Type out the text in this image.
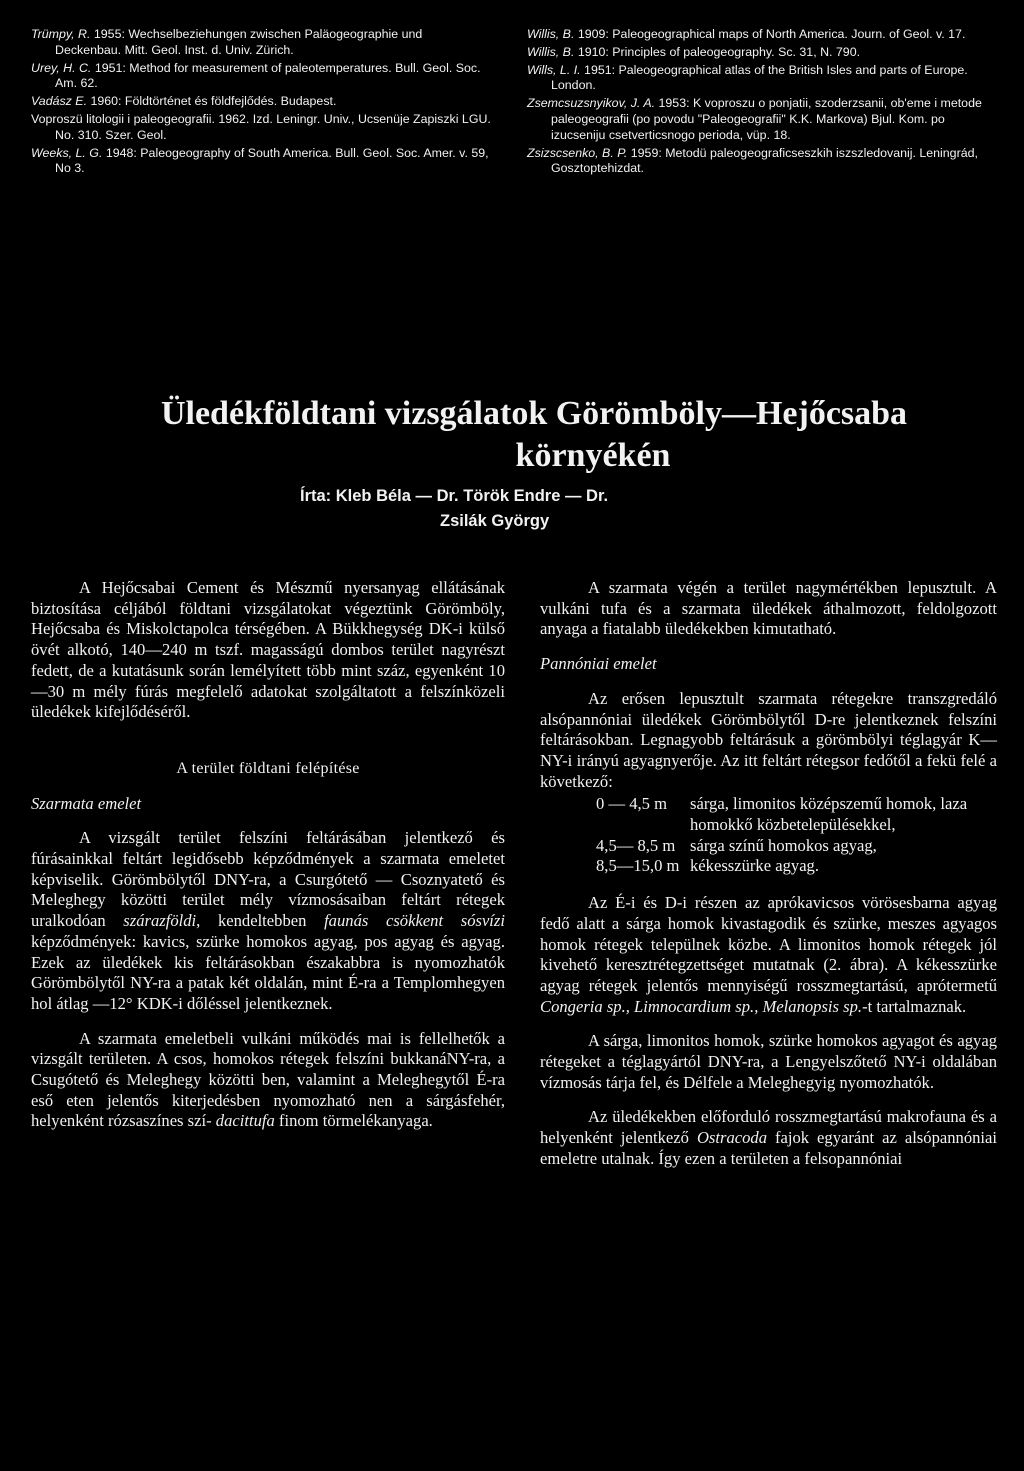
Trümpy, R. 1955: Wechselbeziehungen zwischen Paläogeographie und Deckenbau. Mitt. Geol. Inst. d. Univ. Zürich.
Urey, H. C. 1951: Method for measurement of paleotemperatures. Bull. Geol. Soc. Am. 62.
Vadász E. 1960: Földtörténet és földfejlődés. Budapest.
Voproszü litologii i paleogeografii. 1962. Izd. Leningr. Univ., Ucsenüje Zapiszki LGU. No. 310. Szer. Geol.
Weeks, L. G. 1948: Paleogeography of South America. Bull. Geol. Soc. Amer. v. 59, No 3.
Willis, B. 1909: Paleogeographical maps of North America. Journ. of Geol. v. 17.
Willis, B. 1910: Principles of paleogeography. Sc. 31, N. 790.
Wills, L. I. 1951: Paleogeographical atlas of the British Isles and parts of Europe. London.
Zsemcsuzsnyikov, J. A. 1953: K voproszu o ponjatii, szoderzsanii, ob'eme i metode paleogeografii (po povodu "Paleogeografii" K.K. Markova) Bjul. Kom. po izucseniju csetverticsnogo perioda, vüp. 18.
Zsizscsenko, B. P. 1959: Metodü paleogeograficseszkih iszszledovanij. Leningrád, Gosztoptehizdat.
Üledékföldtani vizsgálatok Görömböly—Hejőcsaba
környékén
Írta: Kleb Béla — Dr. Török Endre — Dr.
Zsilák György

A Hejőcsabai Cement és Mészmű nyersanyag ellátásának biztosítása céljából földtani vizsgálatokat végeztünk Görömböly, Hejőcsaba és Miskolctapolca térségében. A Bükkhegység DK-i külső övét alkotó, 140—240 m tszf. magasságú dombos terület nagyrészt fedett, de a kutatásunk során lemélyített több mint száz, egyenként 10—30 m mély fúrás megfelelő adatokat szolgáltatott a felszínközeli üledékek kifejlődéséről.

A terület földtani felépítése
Szarmata emelet

A vizsgált terület felszíni feltárásában jelentkező és fúrásainkkal feltárt legidősebb képződmények a szarmata emeletet képviselik. Görömbölytől DNY-ra, a Csurgótető — Csoznyatető és Meleghegy közötti terület mély vízmosásaiban feltárt rétegek uralkodóan szárazföldi, kendeltebben faunás csökkent sósvízi képződmények: kavics, szürke homokos agyag, pos agyag és agyag. Ezek az üledékek kis feltárásokban északabbra is nyomozhatók Görömbölytől NY-ra a patak két oldalán, mint É-ra a Templomhegyen hol átlag —12° KDK-i dőléssel jelentkeznek.

A szarmata emeletbeli vulkáni működés mai is fellelhetők a vizsgált területen. A csos, homokos rétegek felszíni bukkanáNY-ra, a Csugótető és Meleghegy közötti ben, valamint a Meleghegytől É-ra eső eten jelentős kiterjedésben nyomozható nen a sárgásfehér, helyenként rózsaszínes szí- dacittufa finom törmelékanyaga.

A szarmata végén a terület nagymértékben lepusztult. A vulkáni tufa és a szarmata üledékek áthalmozott, feldolgozott anyaga a fiatalabb üledékekben kimutatható.

Pannóniai emelet

Az erősen lepusztult szarmata rétegekre transzgredáló alsópannóniai üledékek Görömbölytől D-re jelentkeznek felszíni feltárásokban. Legnagyobb feltárásuk a görömbölyi téglagyár K—NY-i irányú agyagnyerője. Az itt feltárt rétegsor fedőtől a fekü felé a következő:

0 — 4,5 m	sárga, limonitos középszemű homok, laza homokkő közbetelepülésekkel,
4,5— 8,5 m sárga színű homokos agyag,
8,5—15,0 m kékesszürke agyag.

Az É-i és D-i részen az aprókavicsos vörösesbarna agyag fedő alatt a sárga homok kivastagodik és szürke, meszes agyagos homok rétegek települnek közbe. A limonitos homok rétegek jól kivehető keresztrétegzettséget mutatnak (2. ábra). A kékesszürke agyag rétegek jelentős mennyiségű rosszmegtartású, aprótermetű Congeria sp., Limnocardium sp., Melanopsis sp.-t tartalmaznak.

A sárga, limonitos homok, szürke homokos agyagot és agyag rétegeket a téglagyártól DNY-ra, a Lengyelszőtető NY-i oldalában vízmosás tárja fel, és Délfele a Meleghegyig nyomozhatók.

Az üledékekben előforduló rosszmegtartású makrofauna és a helyenként jelentkező Ostracoda fajok egyaránt az alsópannóniai emeletre utalnak. Így ezen a területen a felsopannóniai
